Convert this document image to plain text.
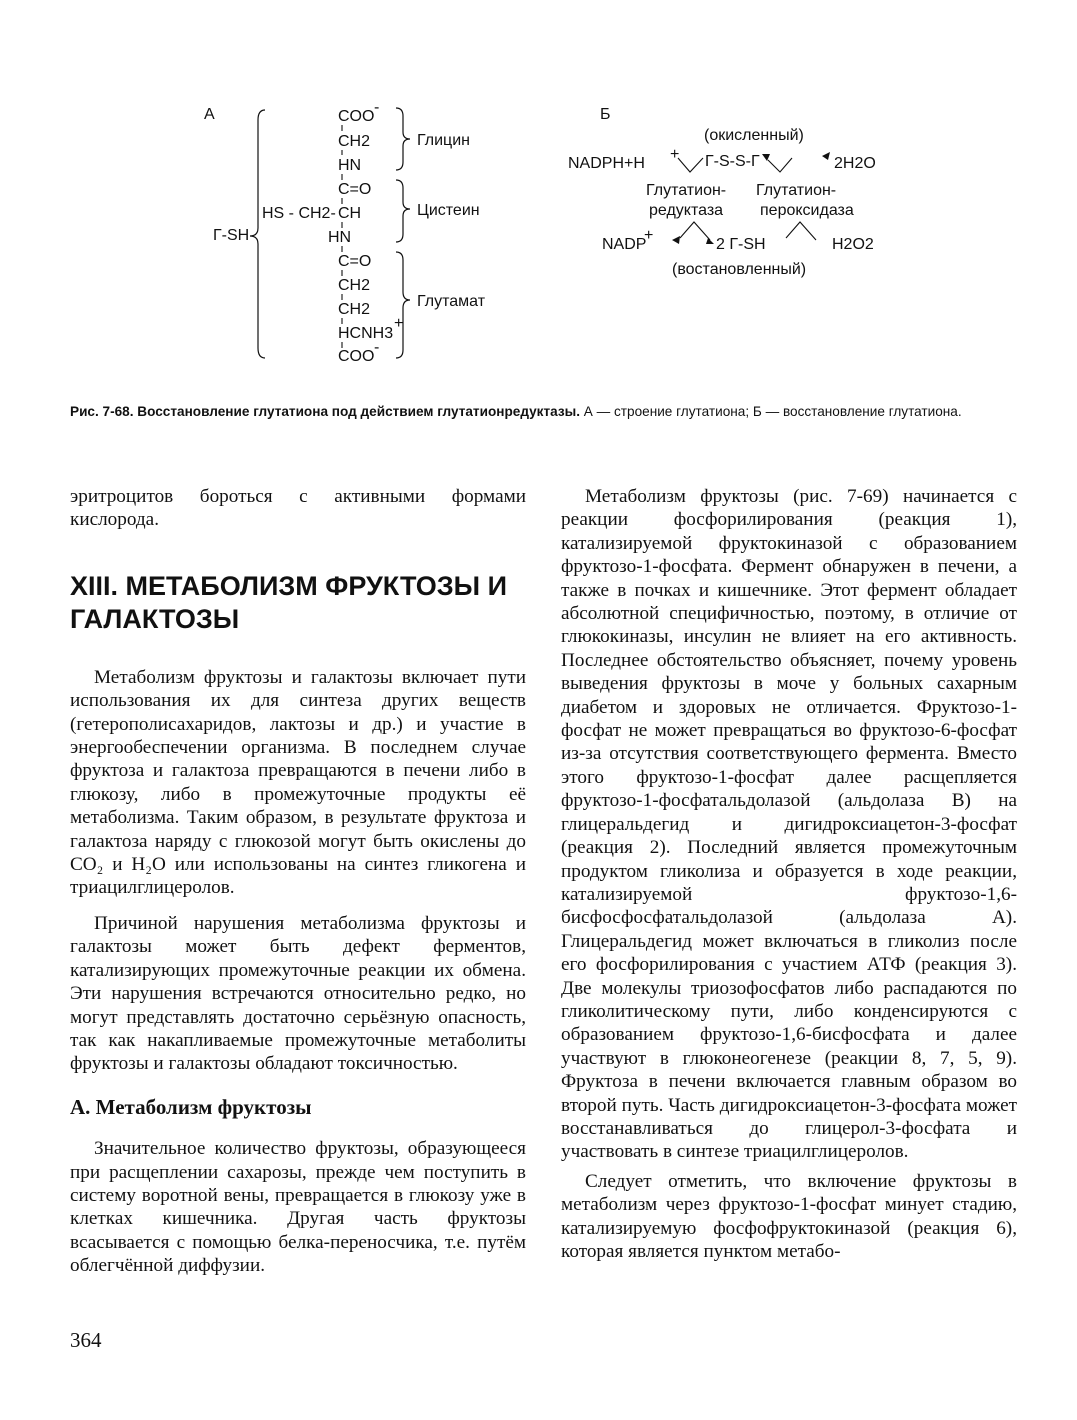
А
Г-SH
COO
-
CH2
HN
C=O
HS - CH2- CH
HN
C=O
CH2
CH2
HCNH3
+
COO
-
Глицин
Цистеин
Глутамат
Б
(окисленный)
NADPH+H
+ Г-S-S-Г	2H2O
Глутатион-
редуктаза
Глутатион-
пероксидаза
NADP
+
2 Г-SH	H2O2
(востановленный)
Рис. 7-68. Восстановление глутатиона под действием глутатионредуктазы. А — строение глутатиона; Б — восстановление глутатиона.

эритроцитов бороться с активными формами кислорода.

XIII. МЕТАБОЛИЗМ ФРУКТОЗЫ И ГАЛАКТОЗЫ

Метаболизм фруктозы и галактозы включает пути использования их для синтеза других веществ (гетерополисахаридов, лактозы и др.) и участие в энергообеспечении организма. В последнем случае фруктоза и галактоза превращаются в печени либо в глюкозу, либо в промежуточные продукты её метаболизма. Таким образом, в результате фруктоза и галактоза наряду с глюкозой могут быть окислены до CO₂ и H₂O или использованы на синтез гликогена и триацилглицеролов.

Причиной нарушения метаболизма фруктозы и галактозы может быть дефект ферментов, катализирующих промежуточные реакции их обмена. Эти нарушения встречаются относительно редко, но могут представлять достаточно серьёзную опасность, так как накапливаемые промежуточные метаболиты фруктозы и галактозы обладают токсичностью.

А. Метаболизм фруктозы

Значительное количество фруктозы, образующееся при расщеплении сахарозы, прежде чем поступить в систему воротной вены, превращается в глюкозу уже в клетках кишечника. Другая часть фруктозы всасывается с помощью белка-переносчика, т.е. путём облегчённой диффузии.

Метаболизм фруктозы (рис. 7-69) начинается с реакции фосфорилирования (реакция 1), катализируемой фруктокиназой с образованием фруктозо-1-фосфата. Фермент обнаружен в печени, а также в почках и кишечнике. Этот фермент обладает абсолютной специфичностью, поэтому, в отличие от глюкокиназы, инсулин не влияет на его активность. Последнее обстоятельство объясняет, почему уровень выведения фруктозы в моче у больных сахарным диабетом и здоровых не отличается. Фруктозо-1-фосфат не может превращаться во фруктозо-6-фосфат из-за отсутствия соответствующего фермента. Вместо этого фруктозо-1-фосфат далее расщепляется фруктозо-1-фосфатальдолазой (альдолаза В) на глицеральдегид и дигидроксиацетон-3-фосфат (реакция 2). Последний является промежуточным продуктом гликолиза и образуется в ходе реакции, катализируемой фруктозо-1,6-бисфосфосфатальдолазой (альдолаза А). Глицеральдегид может включаться в гликолиз после его фосфорилирования с участием АТФ (реакция 3). Две молекулы триозофосфатов либо распадаются по гликолитическому пути, либо конденсируются с образованием фруктозо-1,6-бисфосфата и далее участвуют в глюконеогенезе (реакции 8, 7, 5, 9). Фруктоза в печени включается главным образом во второй путь. Часть дигидроксиацетон-3-фосфата может восстанавливаться до глицерол-3-фосфата и участвовать в синтезе триацилглицеролов.

Следует отметить, что включение фруктозы в метаболизм через фруктозо-1-фосфат минует стадию, катализируемую фосфофруктокиназой (реакция 6), которая является пунктом метабо-

364
